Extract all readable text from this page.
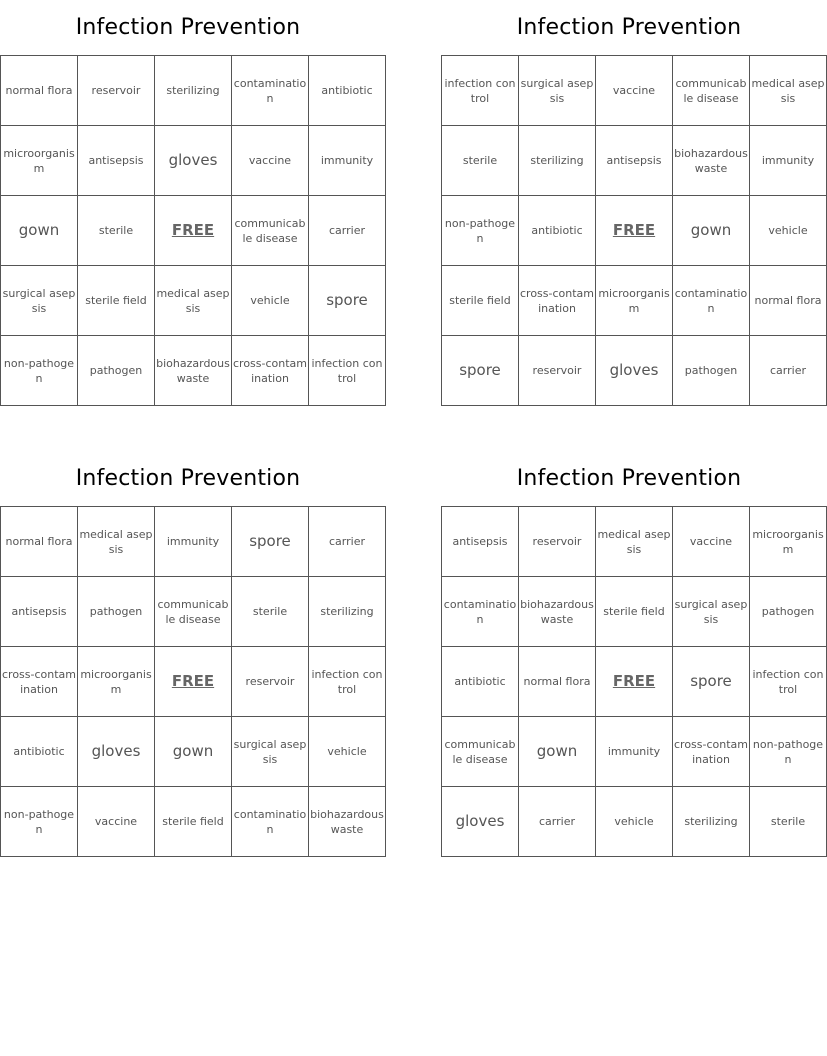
Infection Prevention
normal flora	reservoir	sterilizing	contamination	antibiotic
microorganism	antisepsis	gloves	vaccine	immunity
gown	sterile	FREE	communicable disease	carrier
surgical asepsis	sterile field	medical asepsis	vehicle	spore
non-pathogen	pathogen	biohazardous waste	cross-contamination	infection control
Infection Prevention
infection control	surgical asepsis	vaccine	communicable disease	medical asepsis
sterile	sterilizing	antisepsis	biohazardous waste	immunity
non-pathogen	antibiotic	FREE	gown	vehicle
sterile field	cross-contamination	microorganism	contamination	normal flora
spore	reservoir	gloves	pathogen	carrier
Infection Prevention
normal flora	medical asepsis	immunity	spore	carrier
antisepsis	pathogen	communicable disease	sterile	sterilizing
cross-contamination	microorganism	FREE	reservoir	infection control
antibiotic	gloves	gown	surgical asepsis	vehicle
non-pathogen	vaccine	sterile field	contamination	biohazardous waste
Infection Prevention
antisepsis	reservoir	medical asepsis	vaccine	microorganism
contamination	biohazardous waste	sterile field	surgical asepsis	pathogen
antibiotic	normal flora	FREE	spore	infection control
communicable disease	gown	immunity	cross-contamination	non-pathogen
gloves	carrier	vehicle	sterilizing	sterile
